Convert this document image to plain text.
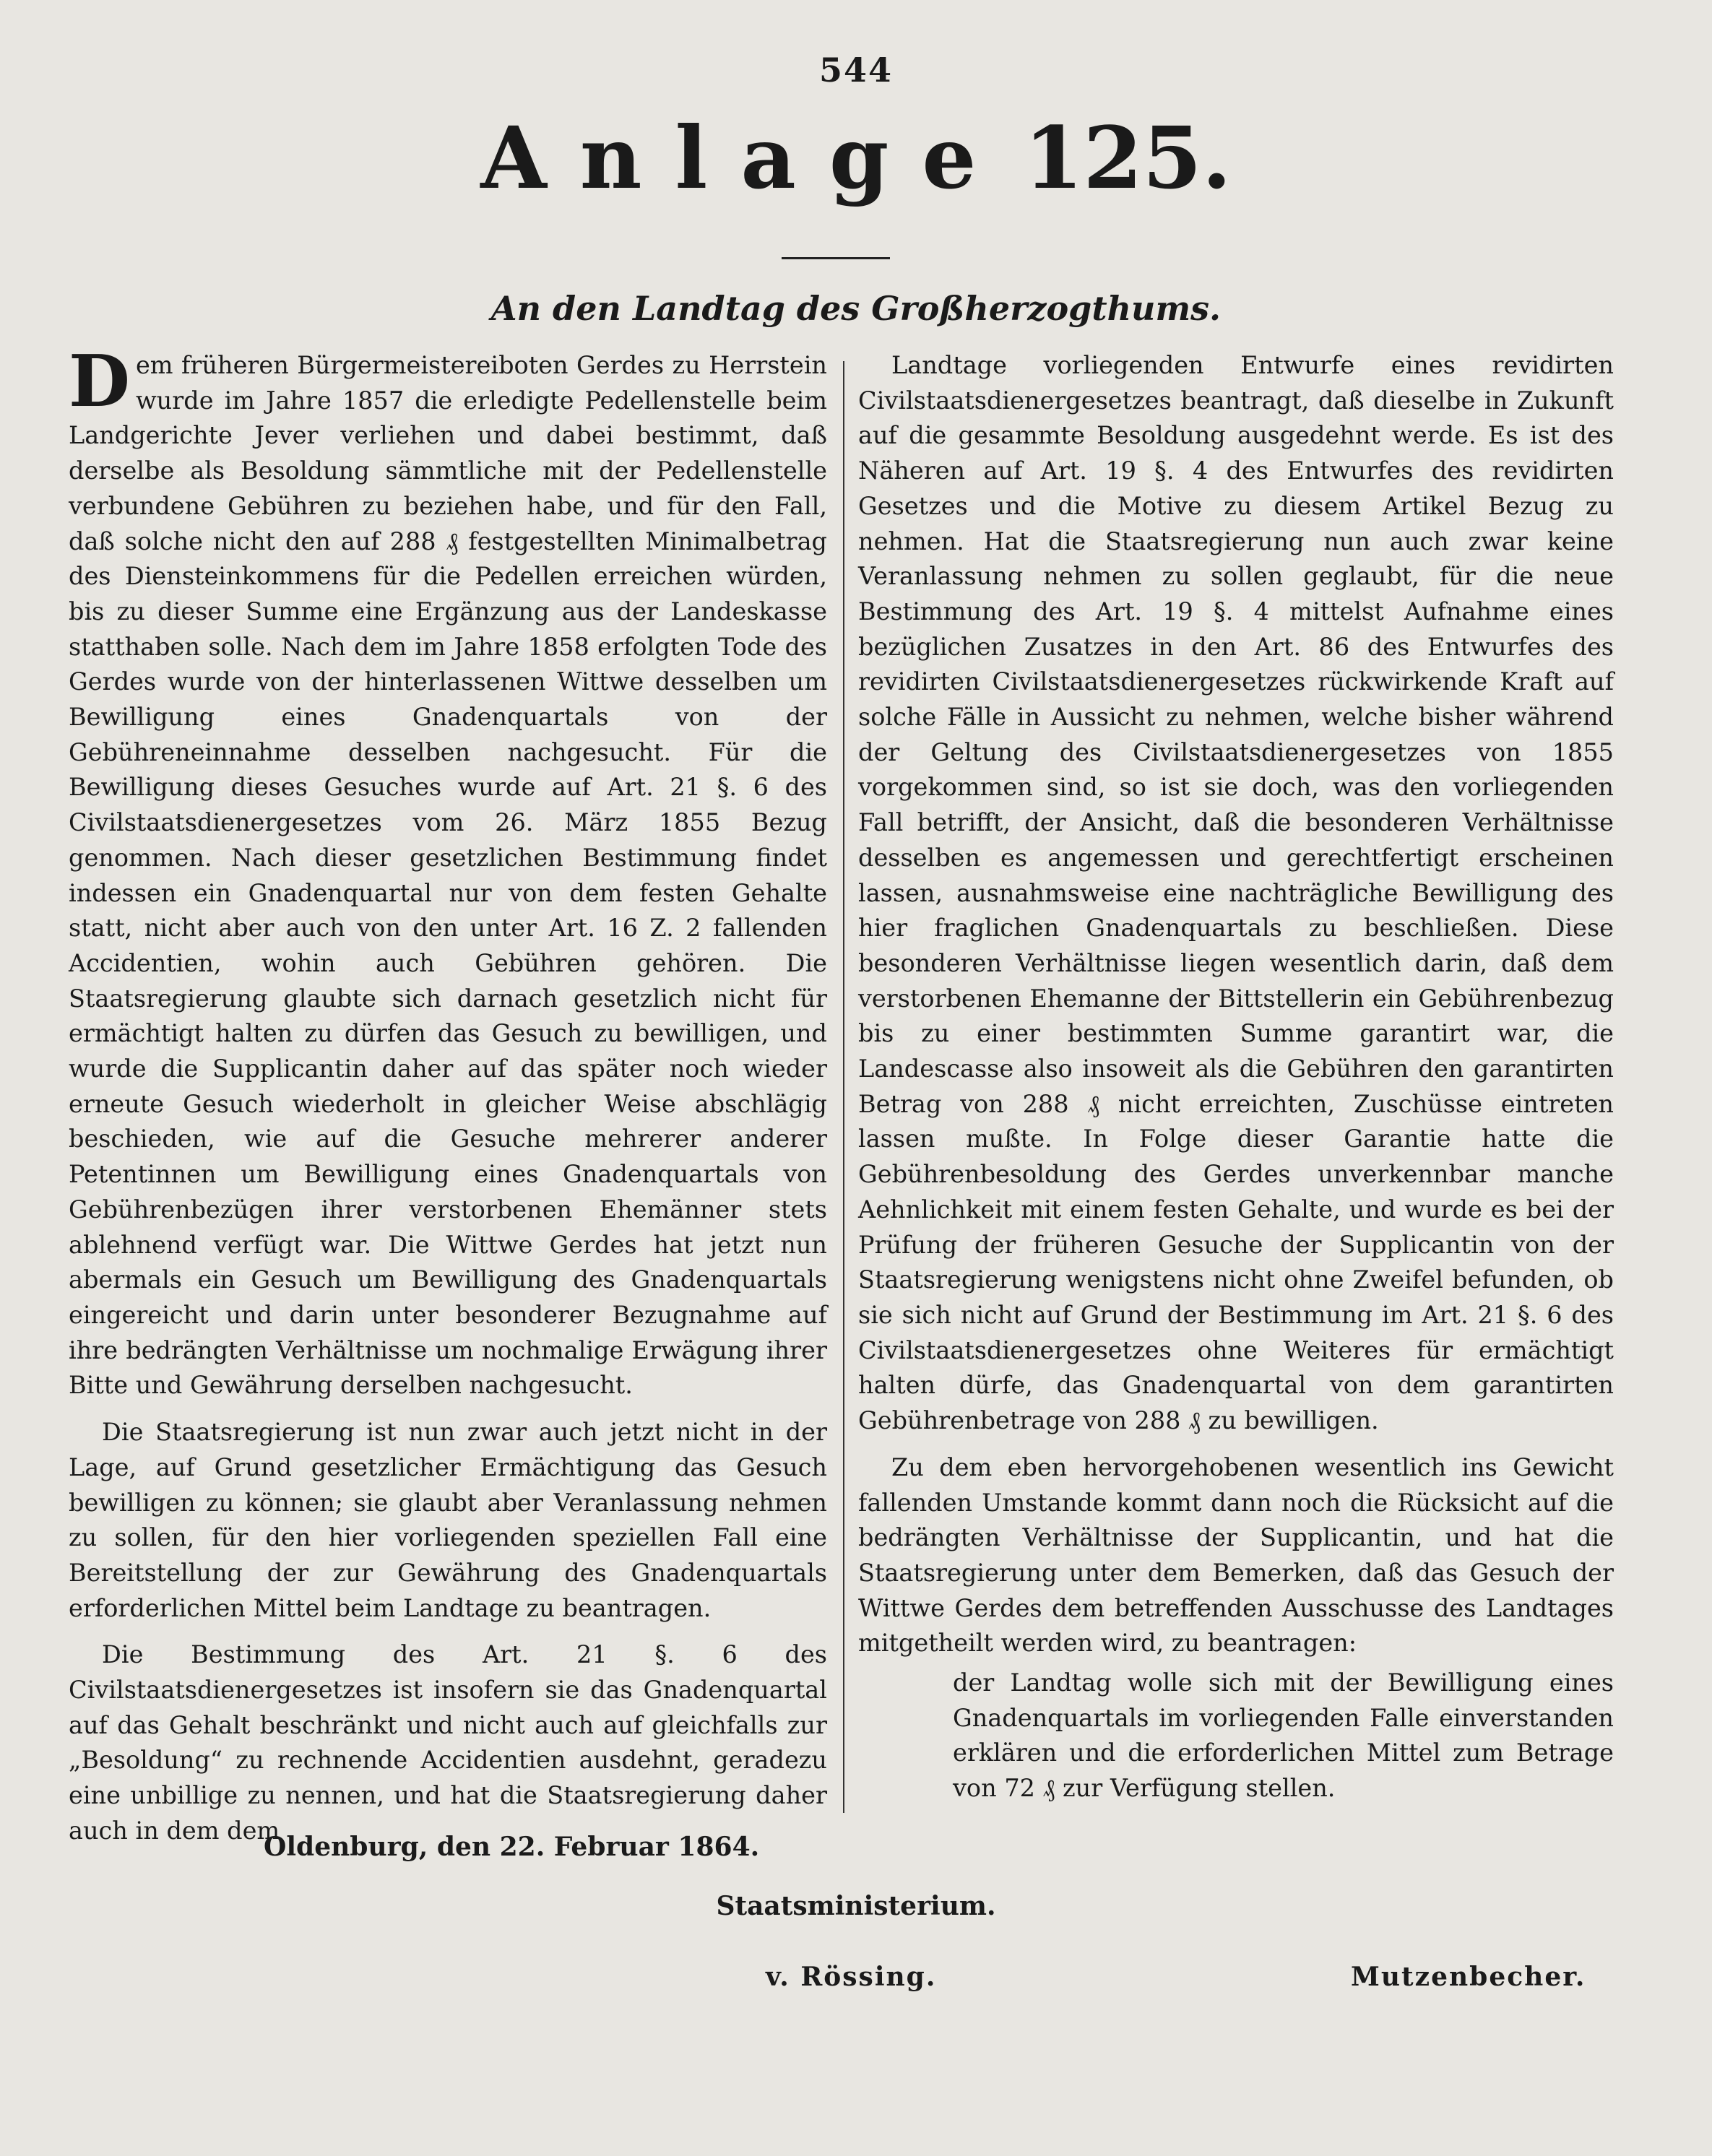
544
Anlage 125.
An den Landtag des Großherzogthums.

Dem früheren Bürgermeistereiboten Gerdes zu Herrstein wurde im Jahre 1857 die erledigte Pedellenstelle beim Landgerichte Jever verliehen und dabei bestimmt, daß derselbe als Besoldung sämmtliche mit der Pedellenstelle verbundene Gebühren zu beziehen habe, und für den Fall, daß solche nicht den auf 288 ₰ festgestellten Minimalbetrag des Diensteinkommens für die Pedellen erreichen würden, bis zu dieser Summe eine Ergänzung aus der Landeskasse statthaben solle. Nach dem im Jahre 1858 erfolgten Tode des Gerdes wurde von der hinterlassenen Wittwe desselben um Bewilligung eines Gnadenquartals von der Gebühreneinnahme desselben nachgesucht. Für die Bewilligung dieses Gesuches wurde auf Art. 21 §. 6 des Civilstaatsdienergesetzes vom 26. März 1855 Bezug genommen. Nach dieser gesetzlichen Bestimmung findet indessen ein Gnadenquartal nur von dem festen Gehalte statt, nicht aber auch von den unter Art. 16 Z. 2 fallenden Accidentien, wohin auch Gebühren gehören. Die Staatsregierung glaubte sich darnach gesetzlich nicht für ermächtigt halten zu dürfen das Gesuch zu bewilligen, und wurde die Supplicantin daher auf das später noch wieder erneute Gesuch wiederholt in gleicher Weise abschlägig beschieden, wie auf die Gesuche mehrerer anderer Petentinnen um Bewilligung eines Gnadenquartals von Gebührenbezügen ihrer verstorbenen Ehemänner stets ablehnend verfügt war. Die Wittwe Gerdes hat jetzt nun abermals ein Gesuch um Bewilligung des Gnadenquartals eingereicht und darin unter besonderer Bezugnahme auf ihre bedrängten Verhältnisse um nochmalige Erwägung ihrer Bitte und Gewährung derselben nachgesucht.

Die Staatsregierung ist nun zwar auch jetzt nicht in der Lage, auf Grund gesetzlicher Ermächtigung das Gesuch bewilligen zu können; sie glaubt aber Veranlassung nehmen zu sollen, für den hier vorliegenden speziellen Fall eine Bereitstellung der zur Gewährung des Gnadenquartals erforderlichen Mittel beim Landtage zu beantragen.

Die Bestimmung des Art. 21 §. 6 des Civilstaatsdienergesetzes ist insofern sie das Gnadenquartal auf das Gehalt beschränkt und nicht auch auf gleichfalls zur „Besoldung“ zu rechnende Accidentien ausdehnt, geradezu eine unbillige zu nennen, und hat die Staatsregierung daher auch in dem dem

Landtage vorliegenden Entwurfe eines revidirten Civilstaatsdienergesetzes beantragt, daß dieselbe in Zukunft auf die gesammte Besoldung ausgedehnt werde. Es ist des Näheren auf Art. 19 §. 4 des Entwurfes des revidirten Gesetzes und die Motive zu diesem Artikel Bezug zu nehmen. Hat die Staatsregierung nun auch zwar keine Veranlassung nehmen zu sollen geglaubt, für die neue Bestimmung des Art. 19 §. 4 mittelst Aufnahme eines bezüglichen Zusatzes in den Art. 86 des Entwurfes des revidirten Civilstaatsdienergesetzes rückwirkende Kraft auf solche Fälle in Aussicht zu nehmen, welche bisher während der Geltung des Civilstaatsdienergesetzes von 1855 vorgekommen sind, so ist sie doch, was den vorliegenden Fall betrifft, der Ansicht, daß die besonderen Verhältnisse desselben es angemessen und gerechtfertigt erscheinen lassen, ausnahmsweise eine nachträgliche Bewilligung des hier fraglichen Gnadenquartals zu beschließen. Diese besonderen Verhältnisse liegen wesentlich darin, daß dem verstorbenen Ehemanne der Bittstellerin ein Gebührenbezug bis zu einer bestimmten Summe garantirt war, die Landescasse also insoweit als die Gebühren den garantirten Betrag von 288 ₰ nicht erreichten, Zuschüsse eintreten lassen mußte. In Folge dieser Garantie hatte die Gebührenbesoldung des Gerdes unverkennbar manche Aehnlichkeit mit einem festen Gehalte, und wurde es bei der Prüfung der früheren Gesuche der Supplicantin von der Staatsregierung wenigstens nicht ohne Zweifel befunden, ob sie sich nicht auf Grund der Bestimmung im Art. 21 §. 6 des Civilstaatsdienergesetzes ohne Weiteres für ermächtigt halten dürfe, das Gnadenquartal von dem garantirten Gebührenbetrage von 288 ₰ zu bewilligen.

Zu dem eben hervorgehobenen wesentlich ins Gewicht fallenden Umstande kommt dann noch die Rücksicht auf die bedrängten Verhältnisse der Supplicantin, und hat die Staatsregierung unter dem Bemerken, daß das Gesuch der Wittwe Gerdes dem betreffenden Ausschusse des Landtages mitgetheilt werden wird, zu beantragen:

der Landtag wolle sich mit der Bewilligung eines Gnadenquartals im vorliegenden Falle einverstanden erklären und die erforderlichen Mittel zum Betrage von 72 ₰ zur Verfügung stellen.

Oldenburg, den 22. Februar 1864.
Staatsministerium.
v. Rössing.	Mutzenbecher.
